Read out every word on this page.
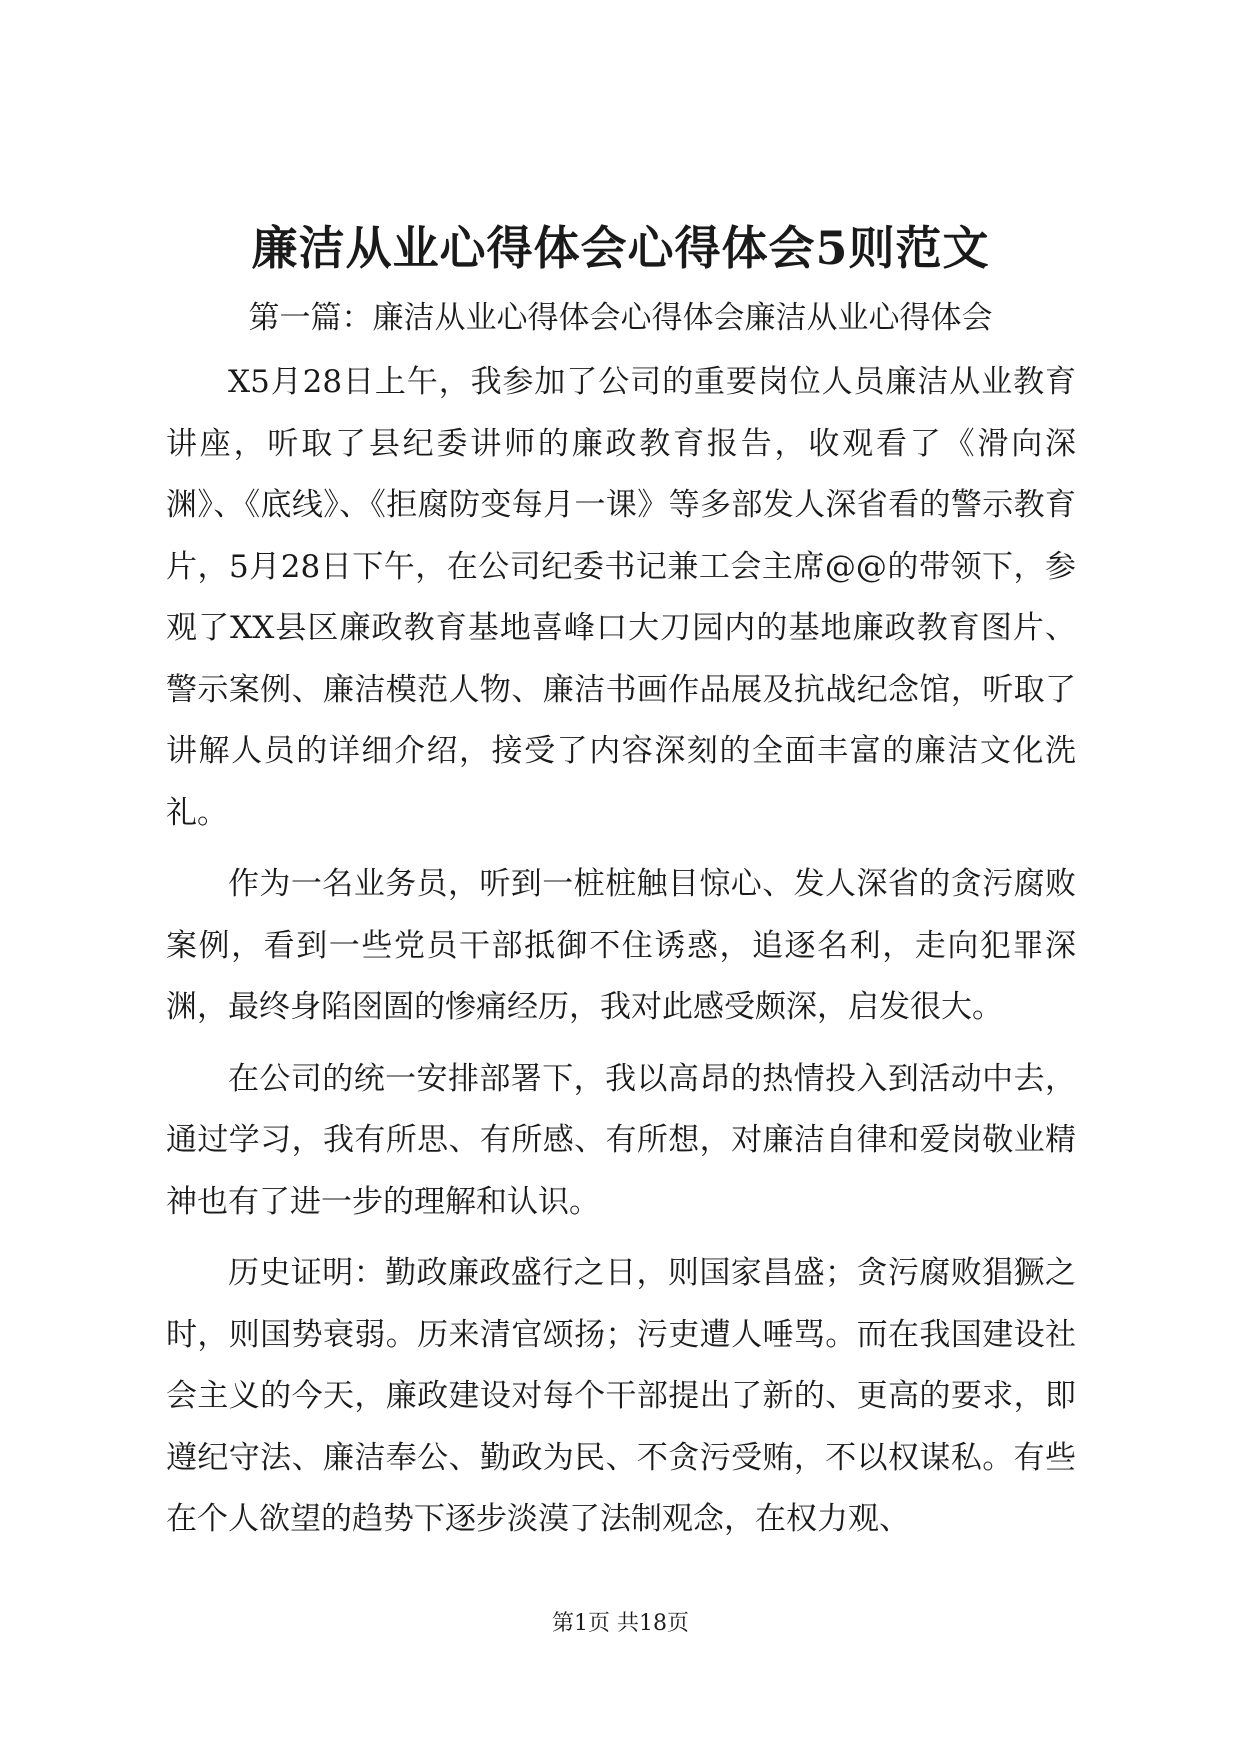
廉洁从业心得体会心得体会5则范文
第一篇：廉洁从业心得体会心得体会廉洁从业心得体会

X5月28日上午，我参加了公司的重要岗位人员廉洁从业教育讲座，听取了县纪委讲师的廉政教育报告，收观看了《滑向深渊》、《底线》、《拒腐防变每月一课》等多部发人深省看的警示教育片，5月28日下午，在公司纪委书记兼工会主席@@的带领下，参观了XX县区廉政教育基地喜峰口大刀园内的基地廉政教育图片、警示案例、廉洁模范人物、廉洁书画作品展及抗战纪念馆，听取了讲解人员的详细介绍，接受了内容深刻的全面丰富的廉洁文化洗礼。

作为一名业务员，听到一桩桩触目惊心、发人深省的贪污腐败案例，看到一些党员干部抵御不住诱惑，追逐名利，走向犯罪深渊，最终身陷囹圄的惨痛经历，我对此感受颇深，启发很大。

在公司的统一安排部署下，我以高昂的热情投入到活动中去，通过学习，我有所思、有所感、有所想，对廉洁自律和爱岗敬业精神也有了进一步的理解和认识。

历史证明：勤政廉政盛行之日，则国家昌盛；贪污腐败猖獗之时，则国势衰弱。历来清官颂扬；污吏遭人唾骂。而在我国建设社会主义的今天，廉政建设对每个干部提出了新的、更高的要求，即遵纪守法、廉洁奉公、勤政为民、不贪污受贿，不以权谋私。有些在个人欲望的趋势下逐步淡漠了法制观念，在权力观、

第1页 共18页
